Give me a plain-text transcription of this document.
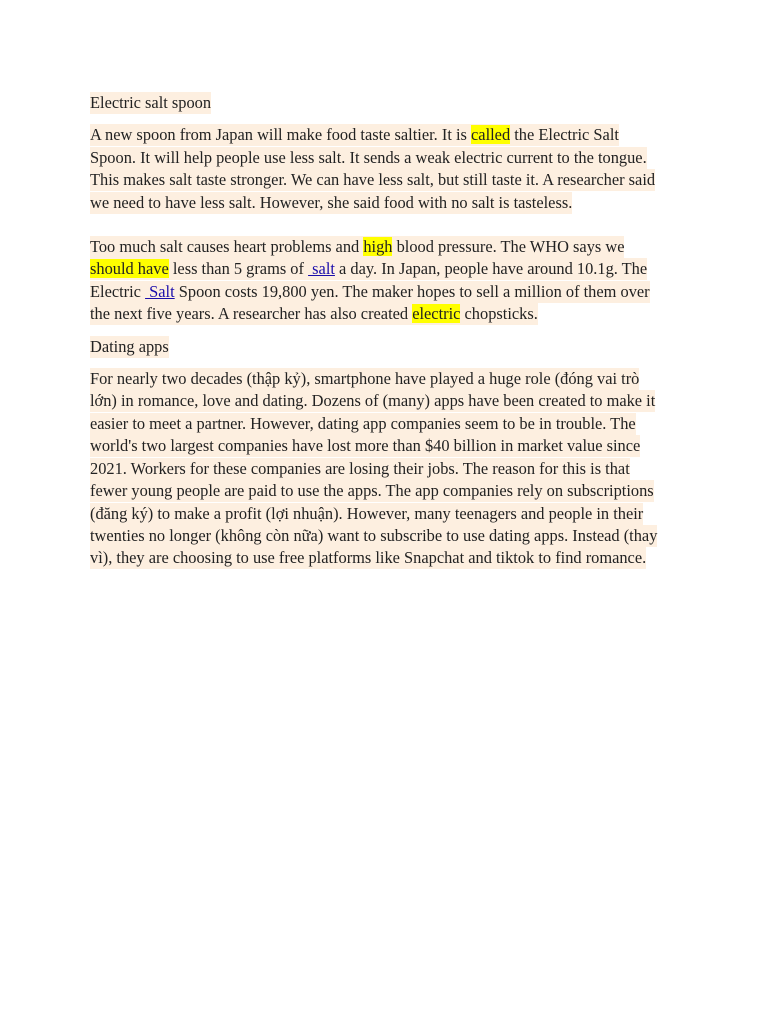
Electric salt spoon

A new spoon from Japan will make food taste saltier. It is called the Electric Salt Spoon. It will help people use less salt. It sends a weak electric current to the tongue. This makes salt taste stronger. We can have less salt, but still taste it. A researcher said we need to have less salt. However, she said food with no salt is tasteless.

Too much salt causes heart problems and high blood pressure. The WHO says we should have less than 5 grams of  salt a day. In Japan, people have around 10.1g. The Electric  Salt Spoon costs 19,800 yen. The maker hopes to sell a million of them over the next five years. A researcher has also created electric chopsticks.

Dating apps

For nearly two decades (thập kỷ), smartphone have played a huge role (đóng vai trò lớn) in romance, love and dating. Dozens of (many) apps have been created to make it easier to meet a partner. However, dating app companies seem to be in trouble. The world's two largest companies have lost more than $40 billion in market value since 2021. Workers for these companies are losing their jobs. The reason for this is that fewer young people are paid to use the apps. The app companies rely on subscriptions (đăng ký) to make a profit (lợi nhuận). However, many teenagers and people in their twenties no longer (không còn nữa) want to subscribe to use dating apps. Instead (thay vì), they are choosing to use free platforms like Snapchat and tiktok to find romance.
